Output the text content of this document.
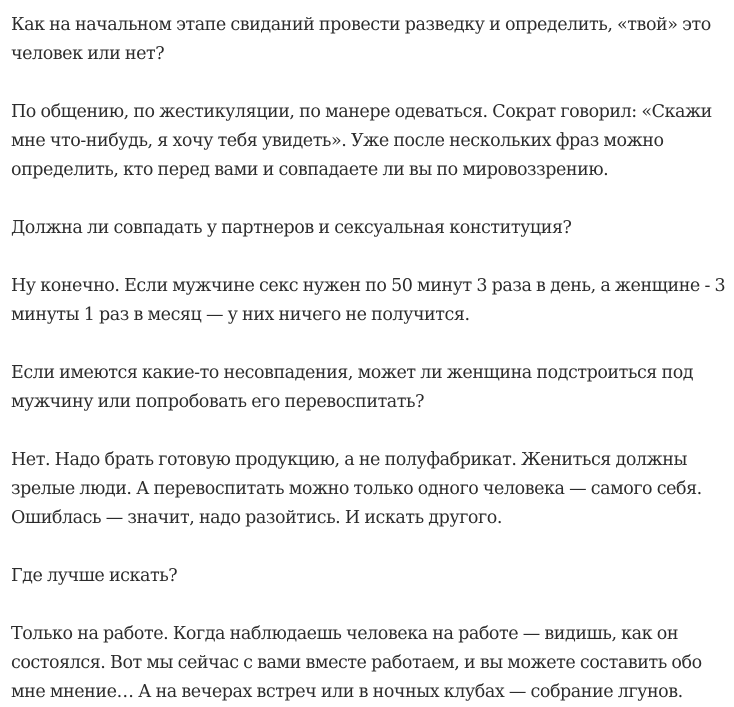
Как на начальном этапе свиданий провести разведку и определить, «твой» это человек или нет?

По общению, по жестикуляции, по манере одеваться. Сократ говорил: «Скажи мне что-нибудь, я хочу тебя увидеть». Уже после нескольких фраз можно определить, кто перед вами и совпадаете ли вы по мировоззрению.

Должна ли совпадать у партнеров и сексуальная конституция?

Ну конечно. Если мужчине секс нужен по 50 минут 3 раза в день, а женщине - 3 минуты 1 раз в месяц — у них ничего не получится.

Если имеются какие-то несовпадения, может ли женщина подстроиться под мужчину или попробовать его перевоспитать?

Нет. Надо брать готовую продукцию, а не полуфабрикат. Жениться должны зрелые люди. А перевоспитать можно только одного человека — самого себя. Ошиблась — значит, надо разойтись. И искать другого.

Где лучше искать?

Только на работе. Когда наблюдаешь человека на работе — видишь, как он состоялся. Вот мы сейчас с вами вместе работаем, и вы можете составить обо мне мнение… А на вечерах встреч или в ночных клубах — собрание лгунов.
